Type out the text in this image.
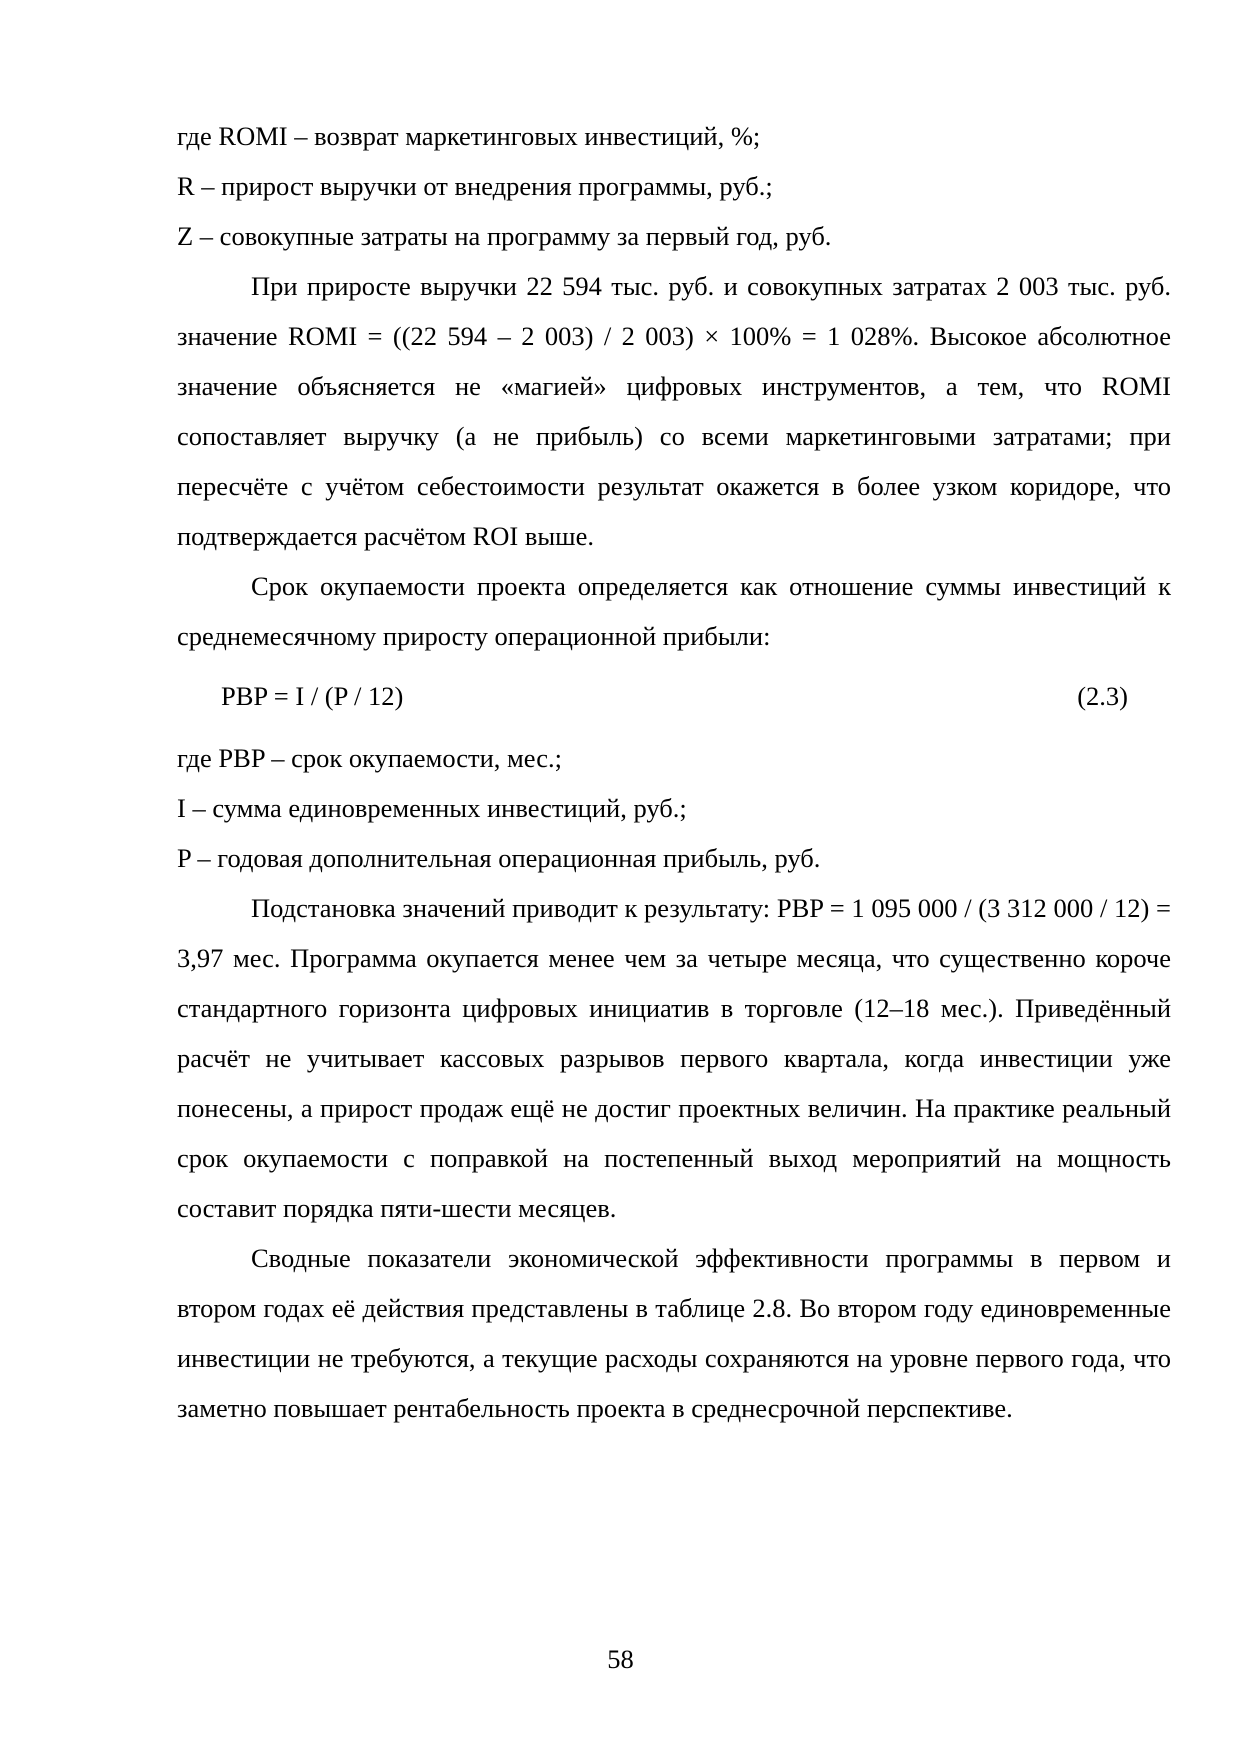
где ROMI – возврат маркетинговых инвестиций, %;

R – прирост выручки от внедрения программы, руб.;

Z – совокупные затраты на программу за первый год, руб.

При приросте выручки 22 594 тыс. руб. и совокупных затратах 2 003 тыс. руб. значение ROMI = ((22 594 – 2 003) / 2 003) × 100% = 1 028%. Высокое абсолютное значение объясняется не «магией» цифровых инструментов, а тем, что ROMI сопоставляет выручку (а не прибыль) со всеми маркетинговыми затратами; при пересчёте с учётом себестоимости результат окажется в более узком коридоре, что подтверждается расчётом ROI выше.

Срок окупаемости проекта определяется как отношение суммы инвестиций к среднемесячному приросту операционной прибыли:

PBP = I / (P / 12)	(2.3)

где PBP – срок окупаемости, мес.;

I – сумма единовременных инвестиций, руб.;

P – годовая дополнительная операционная прибыль, руб.

Подстановка значений приводит к результату: PBP = 1 095 000 / (3 312 000 / 12) = 3,97 мес. Программа окупается менее чем за четыре месяца, что существенно короче стандартного горизонта цифровых инициатив в торговле (12–18 мес.). Приведённый расчёт не учитывает кассовых разрывов первого квартала, когда инвестиции уже понесены, а прирост продаж ещё не достиг проектных величин. На практике реальный срок окупаемости с поправкой на постепенный выход мероприятий на мощность составит порядка пяти-шести месяцев.

Сводные показатели экономической эффективности программы в первом и втором годах её действия представлены в таблице 2.8. Во втором году единовременные инвестиции не требуются, а текущие расходы сохраняются на уровне первого года, что заметно повышает рентабельность проекта в среднесрочной перспективе.

58
